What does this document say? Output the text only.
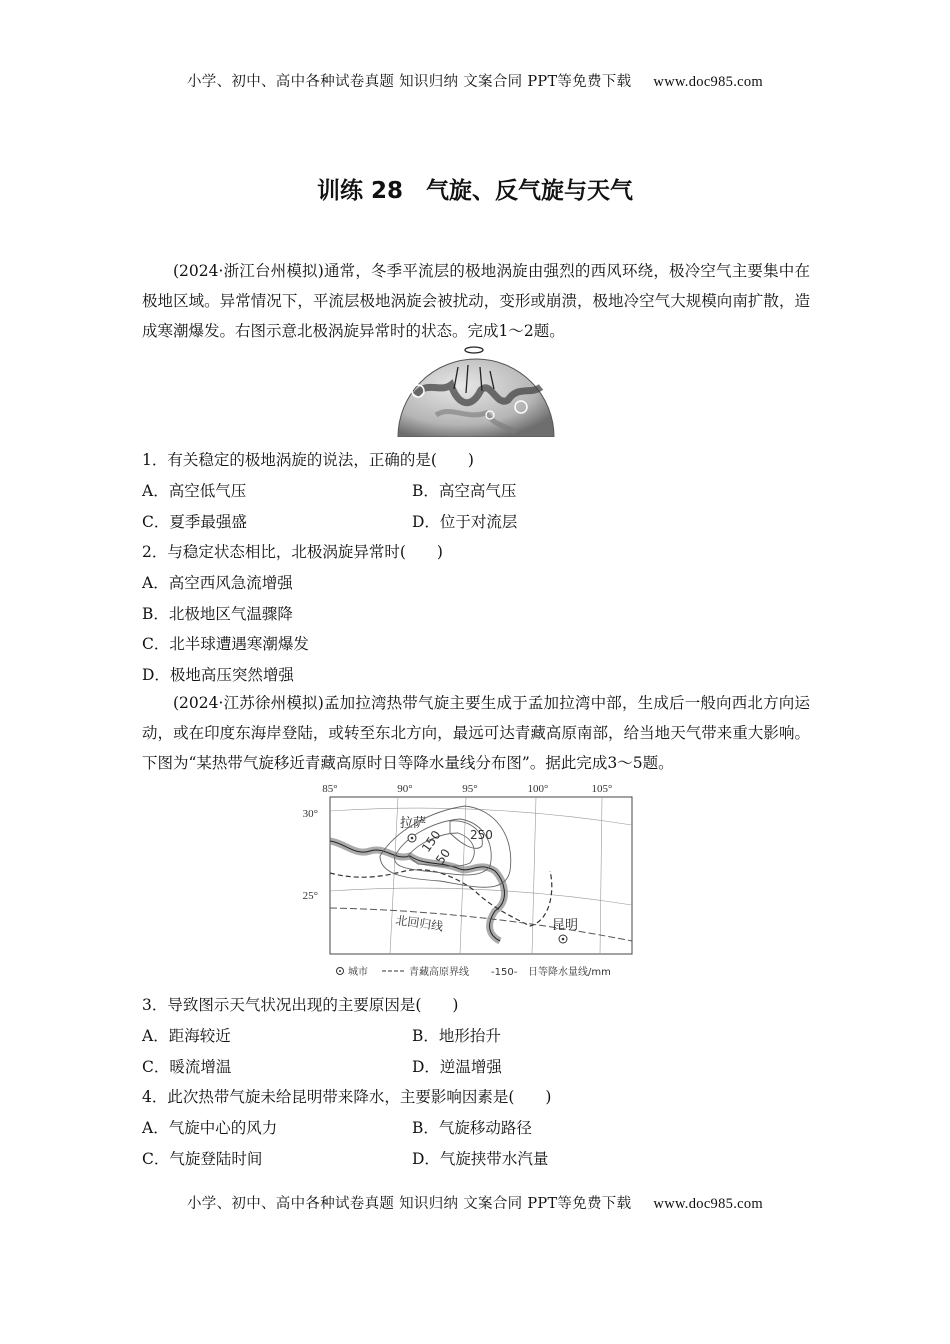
小学、初中、高中各种试卷真题 知识归纳 文案合同 PPT等免费下载 www.doc985.com
训练 28　气旋、反气旋与天气
(2024·浙江台州模拟)通常，冬季平流层的极地涡旋由强烈的西风环绕，极冷空气主要集中在极地区域。异常情况下，平流层极地涡旋会被扰动，变形或崩溃，极地冷空气大规模向南扩散，造成寒潮爆发。右图示意北极涡旋异常时的状态。完成1～2题。
1．有关稳定的极地涡旋的说法，正确的是(　　)
A．高空低气压	B．高空高气压
C．夏季最强盛	D．位于对流层
2．与稳定状态相比，北极涡旋异常时(　　)
A．高空西风急流增强
B．北极地区气温骤降
C．北半球遭遇寒潮爆发
D．极地高压突然增强
(2024·江苏徐州模拟)孟加拉湾热带气旋主要生成于孟加拉湾中部，生成后一般向西北方向运动，或在印度东海岸登陆，或转至东北方向，最远可达青藏高原南部，给当地天气带来重大影响。下图为“某热带气旋移近青藏高原时日等降水量线分布图”。据此完成3～5题。
85°	90°	95°	100°	105°
30°
25°
北回归线
250
150
50
拉萨
昆明
城市	青藏高原界线 -150- 日等降水量线/mm
3．导致图示天气状况出现的主要原因是(　　)
A．距海较近	B．地形抬升
C．暖流增温	D．逆温增强
4．此次热带气旋未给昆明带来降水，主要影响因素是(　　)
A．气旋中心的风力	B．气旋移动路径
C．气旋登陆时间	D．气旋挟带水汽量
小学、初中、高中各种试卷真题 知识归纳 文案合同 PPT等免费下载 www.doc985.com
